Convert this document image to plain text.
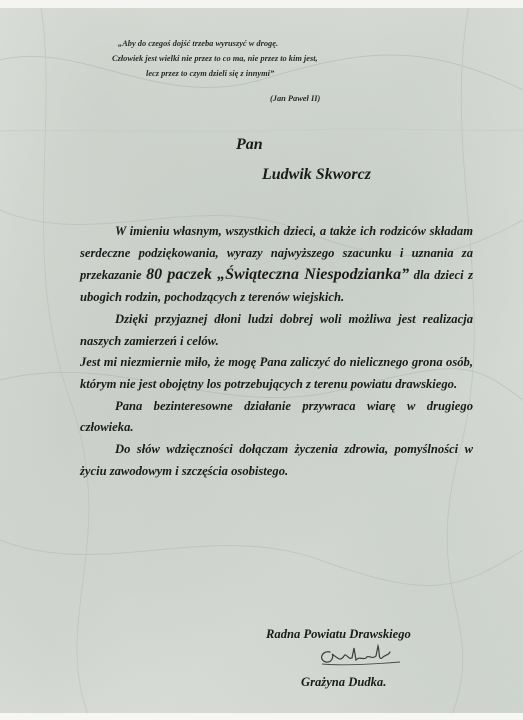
„Aby do czegoś dojść trzeba wyruszyć w drogę.
Człowiek jest wielki nie przez to co ma, nie przez to kim jest,
lecz przez to czym dzieli się z innymi”
(Jan Paweł II)
Pan
Ludwik Skworcz

W imieniu własnym, wszystkich dzieci, a także ich rodziców składam serdeczne podziękowania, wyrazy najwyższego szacunku i uznania za przekazanie 80 paczek „Świąteczna Niespodzianka” dla dzieci z ubogich rodzin, pochodzących z terenów wiejskich.

Dzięki przyjaznej dłoni ludzi dobrej woli możliwa jest realizacja naszych zamierzeń i celów.

Jest mi niezmiernie miło, że mogę Pana zaliczyć do nielicznego grona osób, którym nie jest obojętny los potrzebujących z terenu powiatu drawskiego.

Pana bezinteresowne działanie przywraca wiarę w drugiego człowieka.

Do słów wdzięczności dołączam życzenia zdrowia, pomyślności w życiu zawodowym i szczęścia osobistego.

Radna Powiatu Drawskiego
Grażyna Dudka.
